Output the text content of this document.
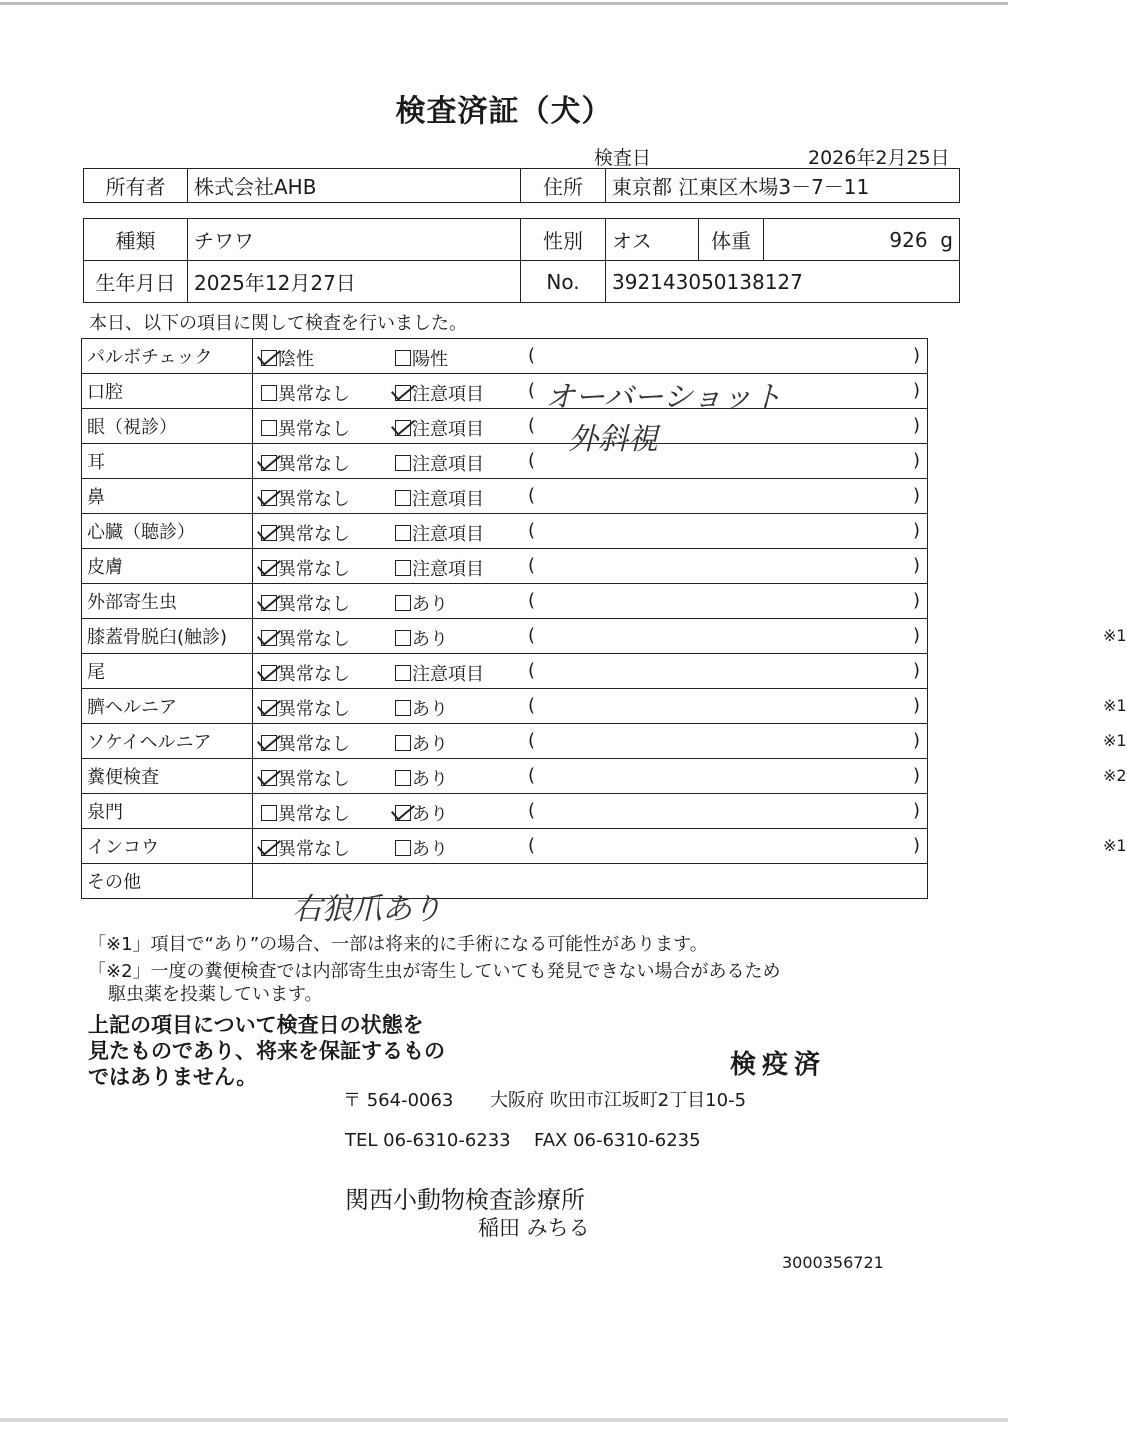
検査済証（犬）
検査日	2026年2月25日
所有者	株式会社AHB	住所	東京都 江東区木場3－7－11
種類	チワワ	性別	オス	体重	926 g
生年月日	2025年12月27日	No.	392143050138127		
本日、以下の項目に関して検査を行いました。
パルボチェック	陰性 陽性 ( )

口腔	異常なし 注意項目 ( )

眼（視診）	異常なし 注意項目 ( )

耳	異常なし 注意項目 ( )

鼻	異常なし 注意項目 ( )

心臓（聴診）	異常なし 注意項目 ( )

皮膚	異常なし 注意項目 ( )

外部寄生虫	異常なし あり ( )

膝蓋骨脱臼(触診)	異常なし あり ( ) ※1

尾	異常なし 注意項目 ( )

臍ヘルニア	異常なし あり ( ) ※1

ソケイヘルニア	異常なし あり ( ) ※1

糞便検査	異常なし あり ( ) ※2

泉門	異常なし あり ( )

インコウ	異常なし あり ( ) ※1

その他	
オーバーショット
外斜視
右狼爪あり
「※1」項目で“あり”の場合、一部は将来的に手術になる可能性があります。
「※2」一度の糞便検査では内部寄生虫が寄生していても発見できない場合があるため
駆虫薬を投薬しています。
上記の項目について検査日の状態を
見たものであり、将来を保証するもの
ではありません。	検疫済
〒 564-0063 大阪府 吹田市江坂町2丁目10-5
TEL 06-6310-6233 FAX 06-6310-6235
関西小動物検査診療所
稲田 みちる
3000356721
